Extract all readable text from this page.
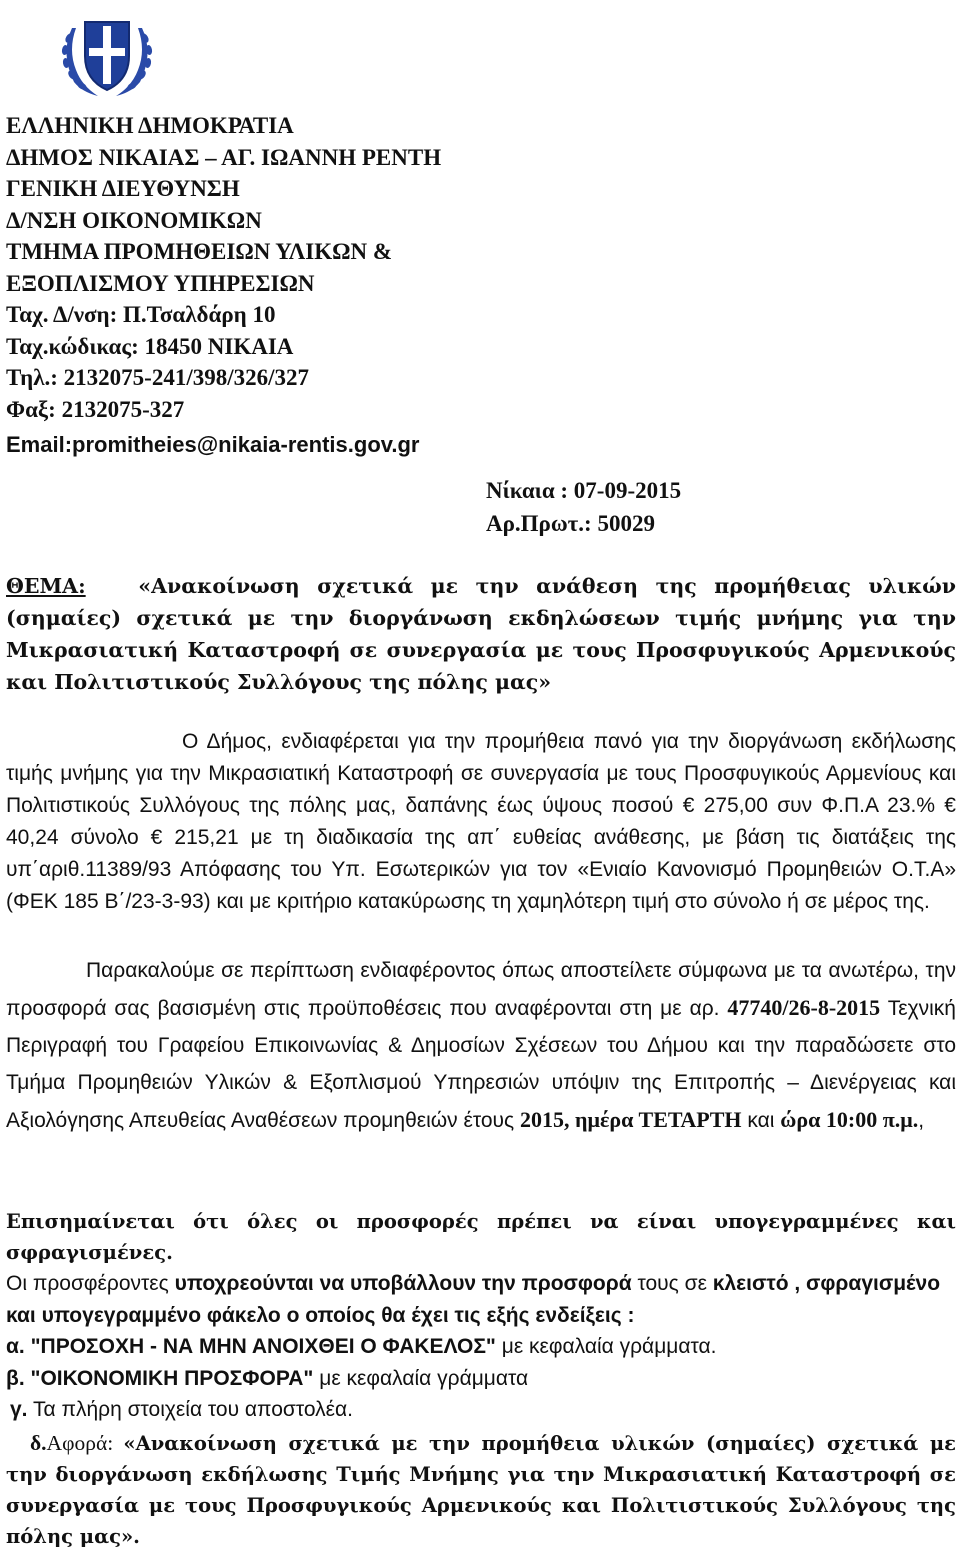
ΕΛΛΗΝΙΚΗ ΔΗΜΟΚΡΑΤΙΑ
ΔΗΜΟΣ ΝΙΚΑΙΑΣ – ΑΓ. ΙΩΑΝΝΗ ΡΕΝΤΗ
ΓΕΝΙΚΗ ΔΙΕΥΘΥΝΣΗ
Δ/ΝΣΗ ΟΙΚΟΝΟΜΙΚΩΝ
ΤΜΗΜΑ ΠΡΟΜΗΘΕΙΩΝ ΥΛΙΚΩΝ &
ΕΞΟΠΛΙΣΜΟΥ ΥΠΗΡΕΣΙΩΝ
Ταχ. Δ/νση: Π.Τσαλδάρη 10
Ταχ.κώδικας: 18450 ΝΙΚΑΙΑ
Τηλ.: 2132075-241/398/326/327
Φαξ: 2132075-327
Email:promitheies@nikaia-rentis.gov.gr
Νίκαια : 07-09-2015
Αρ.Πρωτ.: 50029
ΘΕΜΑ:	«Ανακοίνωση σχετικά με την ανάθεση της προμήθειας υλικών (σημαίες) σχετικά με την διοργάνωση εκδηλώσεων τιμής μνήμης για την Μικρασιατική Καταστροφή σε συνεργασία με τους Προσφυγικούς Αρμενικούς και Πολιτιστικούς Συλλόγους της πόλης μας»

Ο Δήμος, ενδιαφέρεται για την προμήθεια πανό για την διοργάνωση εκδήλωσης τιμής μνήμης για την Μικρασιατική Καταστροφή σε συνεργασία με τους Προσφυγικούς Αρμενίους και Πολιτιστικούς Συλλόγους της πόλης μας, δαπάνης έως ύψους ποσού € 275,00 συν Φ.Π.Α 23.% € 40,24 σύνολο € 215,21 με τη διαδικασία της απ΄ ευθείας ανάθεσης, με βάση τις διατάξεις της υπ΄αριθ.11389/93 Απόφασης του Υπ. Εσωτερικών για τον «Ενιαίο Κανονισμό Προμηθειών Ο.Τ.Α» (ΦΕΚ 185 Β΄/23-3-93) και με κριτήριο κατακύρωσης τη χαμηλότερη τιμή στο σύνολο ή σε μέρος της.

Παρακαλούμε σε περίπτωση ενδιαφέροντος όπως αποστείλετε σύμφωνα με τα ανωτέρω, την προσφορά σας βασισμένη στις προϋποθέσεις που αναφέρονται στη με αρ. 47740/26-8-2015 Τεχνική Περιγραφή του Γραφείου Επικοινωνίας & Δημοσίων Σχέσεων του Δήμου και την παραδώσετε στο Τμήμα Προμηθειών Υλικών & Εξοπλισμού Υπηρεσιών υπόψιν της Επιτροπής – Διενέργειας και Αξιολόγησης Απευθείας Αναθέσεων προμηθειών έτους 2015, ημέρα ΤΕΤΑΡΤΗ και ώρα 10:00 π.μ.,
Επισημαίνεται ότι όλες οι προσφορές πρέπει να είναι υπογεγραμμένες και σφραγισμένες.
Οι προσφέροντες υποχρεούνται να υποβάλλουν την προσφορά τους σε κλειστό , σφραγισμένο και υπογεγραμμένο φάκελο ο οποίος θα έχει τις εξής ενδείξεις :
α. "ΠΡΟΣΟΧΗ - ΝΑ ΜΗΝ ΑΝΟΙΧΘΕΙ Ο ΦΑΚΕΛΟΣ" με κεφαλαία γράμματα.
β. "ΟΙΚΟΝΟΜΙΚΗ ΠΡΟΣΦΟΡΑ" με κεφαλαία γράμματα
γ. Τα πλήρη στοιχεία του αποστολέα.
δ.Αφορά: «Ανακοίνωση σχετικά με την προμήθεια υλικών (σημαίες) σχετικά με την διοργάνωση εκδήλωσης Τιμής Μνήμης για την Μικρασιατική Καταστροφή σε συνεργασία με τους Προσφυγικούς Αρμενικούς και Πολιτιστικούς Συλλόγους της πόλης μας».
